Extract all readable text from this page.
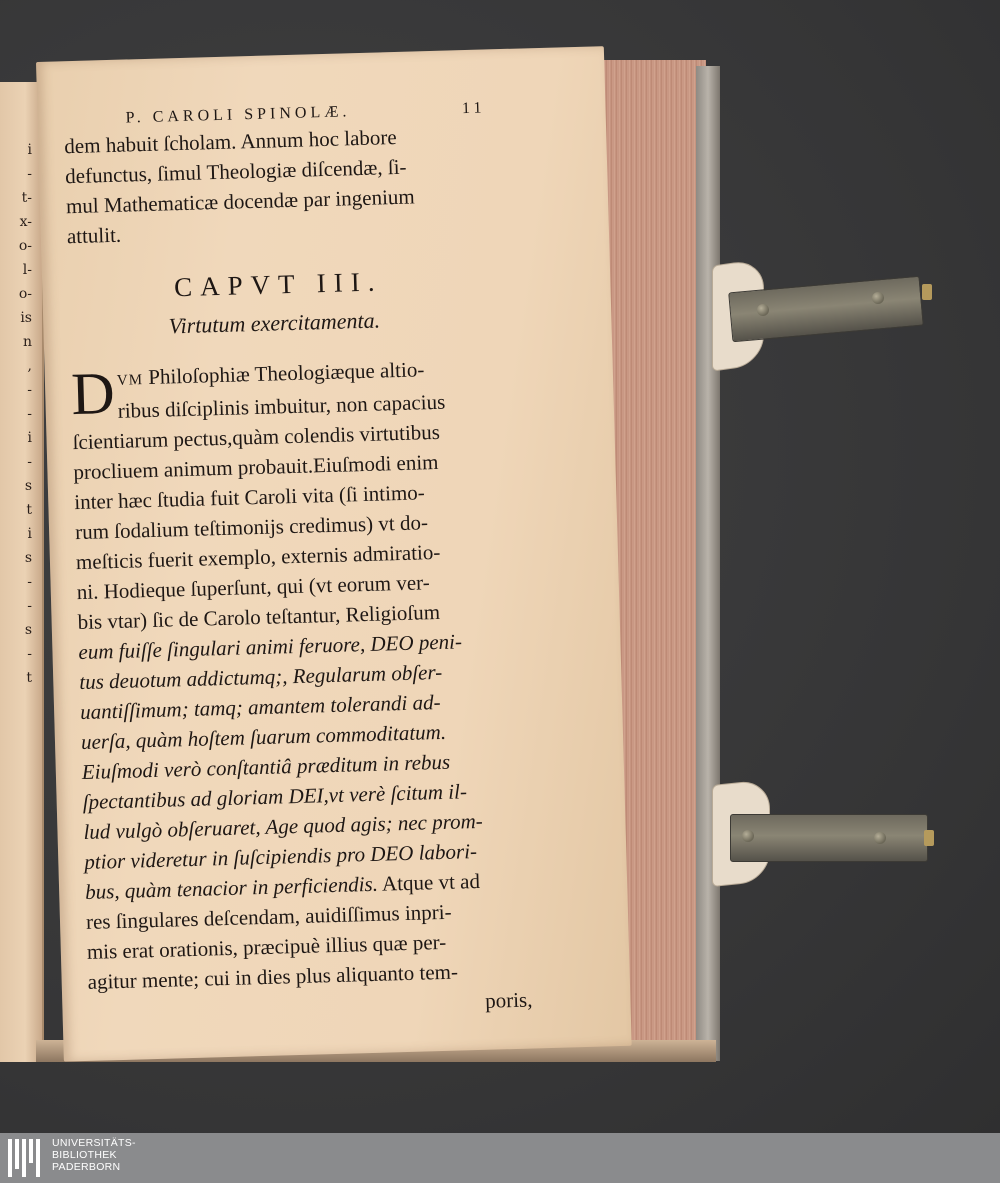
i
-
t-
x-
o-
l-
o-
is
n
,
-
-
i
-
s
t
i
s
-
-
s
-
t
P. CAROLI SPINOLÆ.	11
dem habuit ſcholam. Annum hoc labore
defunctus, ſimul Theologiæ diſcendæ, ſi-
mul Mathematicæ docendæ par ingenium
attulit.
CAPVT III.
Virtutum exercitamenta.
D VM Philoſophiæ Theologiæque altio-
ribus diſciplinis imbuitur, non capacius
ſcientiarum pectus,quàm colendis virtutibus
procliuem animum probauit.Eiuſmodi enim
inter hæc ſtudia fuit Caroli vita (ſi intimo-
rum ſodalium teſtimonijs credimus) vt do-
meſticis fuerit exemplo, externis admiratio-
ni. Hodieque ſuperſunt, qui (vt eorum ver-
bis vtar) ſic de Carolo teſtantur, Religioſum
eum fuiſſe ſingulari animi feruore, DEO peni-
tus deuotum addictumq;, Regularum obſer-
uantiſſimum; tamq; amantem tolerandi ad-
uerſa, quàm hoſtem ſuarum commoditatum.
Eiuſmodi verò conſtantiâ præditum in rebus
ſpectantibus ad gloriam DEI,vt verè ſcitum il-
lud vulgò obſeruaret, Age quod agis; nec prom-
ptior videretur in ſuſcipiendis pro DEO labori-
bus, quàm tenacior in perficiendis. Atque vt ad
res ſingulares deſcendam, auidiſſimus inpri-
mis erat orationis, præcipuè illius quæ per-
agitur mente; cui in dies plus aliquanto tem-
poris,
UNIVERSITÄTS-
BIBLIOTHEK
PADERBORN
